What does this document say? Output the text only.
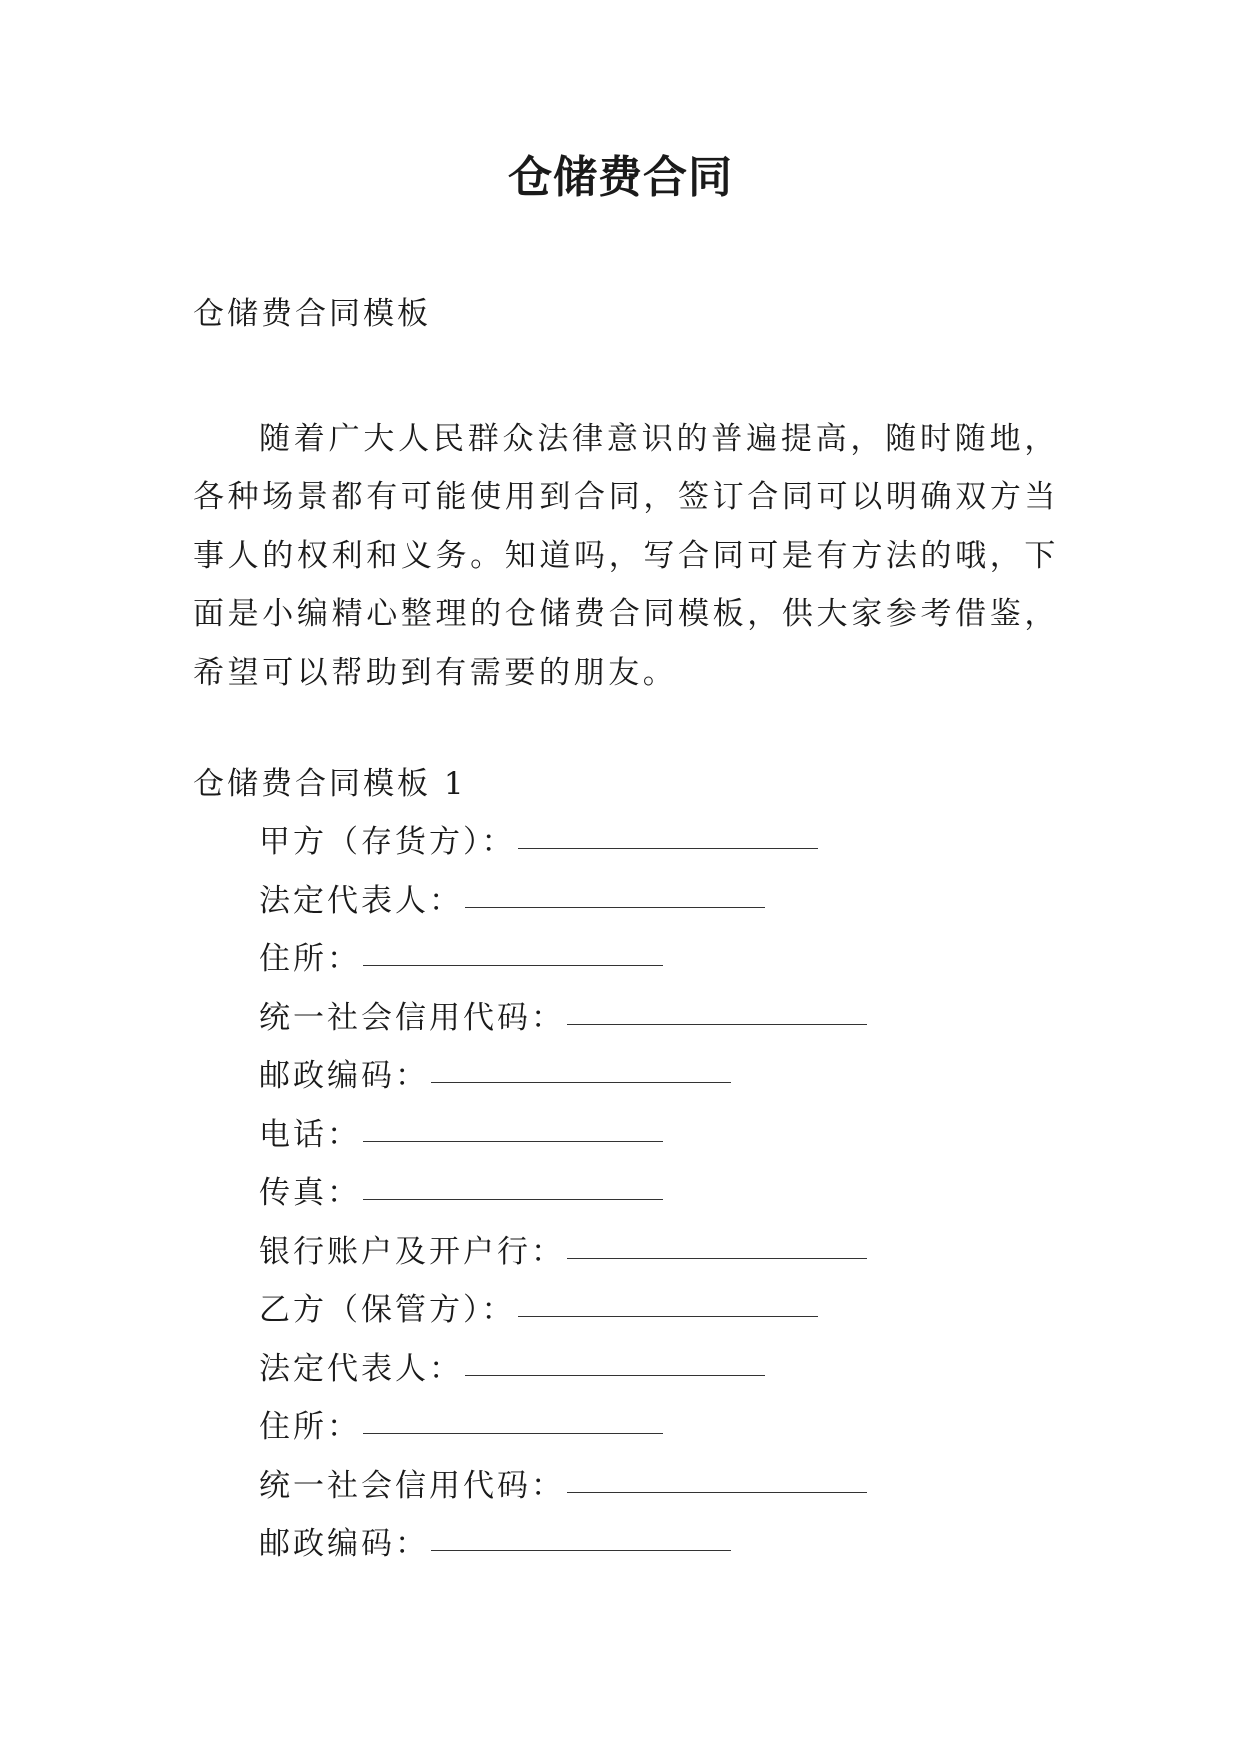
仓储费合同
仓储费合同模板

随着广大人民群众法律意识的普遍提高，随时随地，各种场景都有可能使用到合同，签订合同可以明确双方当事人的权利和义务。知道吗，写合同可是有方法的哦，下面是小编精心整理的仓储费合同模板，供大家参考借鉴，希望可以帮助到有需要的朋友。

仓储费合同模板 1
甲方（存货方）：
法定代表人：
住所：
统一社会信用代码：
邮政编码：
电话：
传真：
银行账户及开户行：
乙方（保管方）：
法定代表人：
住所：
统一社会信用代码：
邮政编码：
